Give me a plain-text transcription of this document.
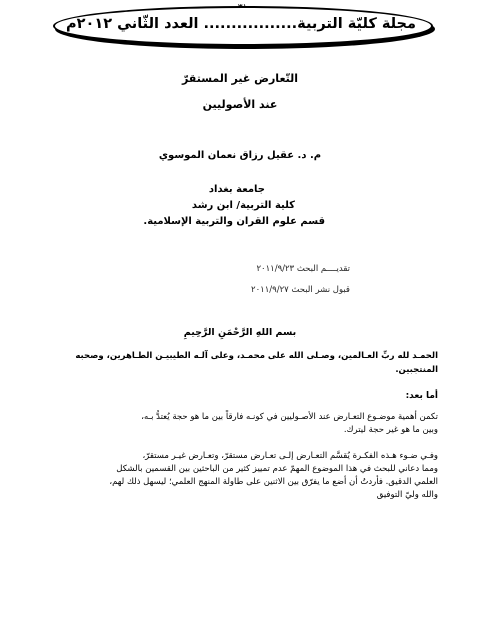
مجلة كليّة التربية................. العدد الثّاني ٢٠١٢م
التّعارض غير المستقرّ
عند الأصوليين
م. د. عقيل رزاق نعمان الموسوي
جامعة بغداد
كلية التربية/ ابن رشد
قسم علوم القران والتربية الإسلامية.
تقديــــم البحث ٢٠١١/٩/٢٣
قبول نشر البحث ٢٠١١/٩/٢٧
بسم اللهِ الرَّحْمَنِ الرَّحِيمِ
الحمـد لله ربِّ العـالمين، وصـلى الله على محمـد، وعلى آلـه الطيبيـن الطـاهرين، وصحبه
المنتجبين.
أما بعد:
تكمن أهمية موضـوع التعـارض عند الأصـوليين في كونـه فارقاً بين ما هو حجة يُعتدُّ بـه،
وبين ما هو غير حجة ليترك.
وفـي ضـوء هـذه الفكـرة يُقسَّم التعـارض إلـى تعـارض مستقرّ، وتعـارض غيـر مستقرّ،
ومما دعاني للبحث في هذا الموضوع المهمّ عدم تمييز كثير من الباحثين بين القسمين بالشكل
العلمي الدقيق. فأردتُ أن أضع ما يفرّق بين الاثنين على طاولة المنهج العلمي؛ ليسهل ذلك لهم،
والله وليّ التوفيق
